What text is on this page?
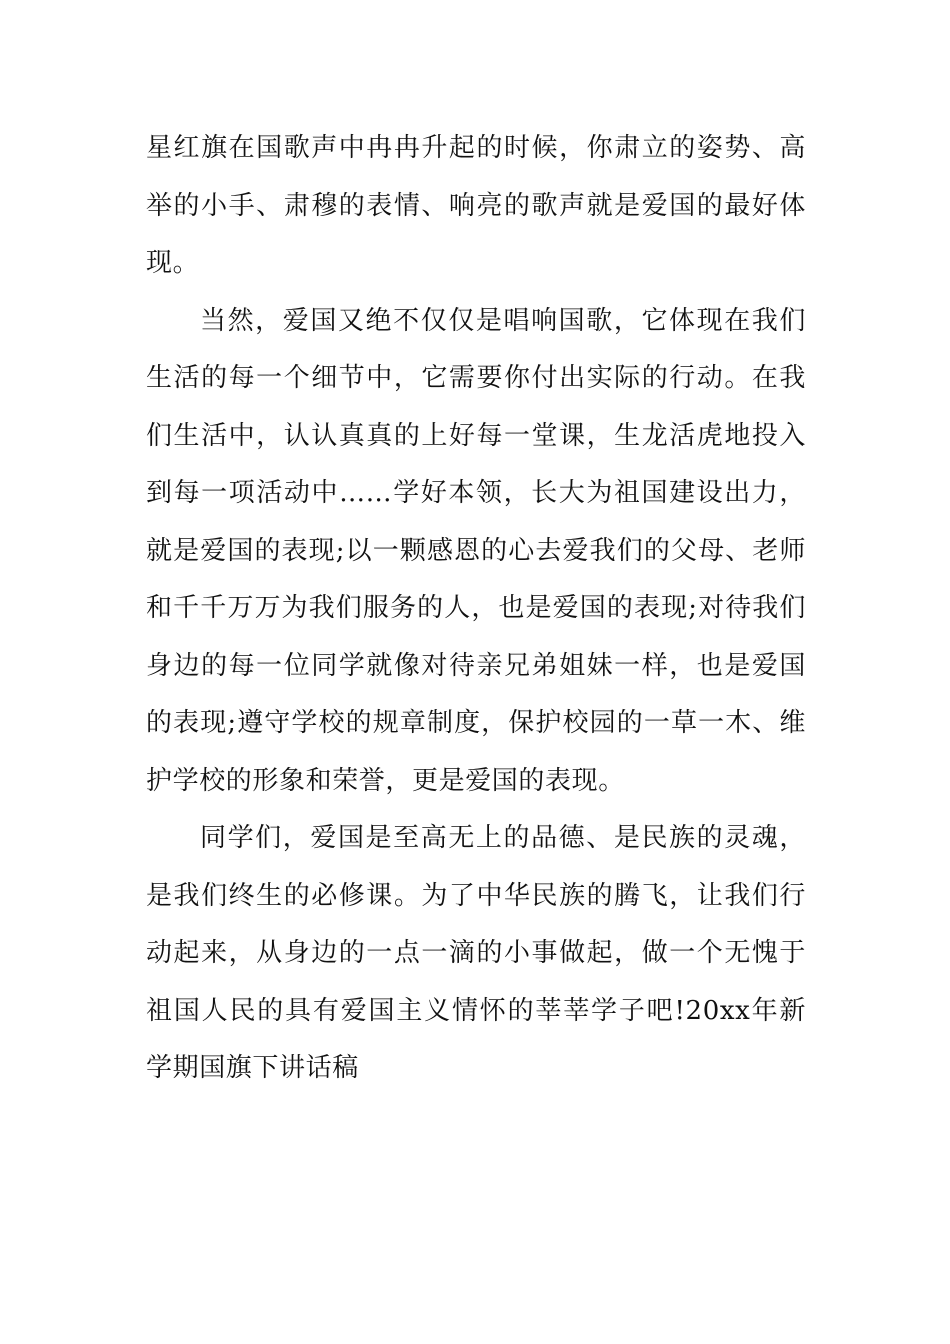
星红旗在国歌声中冉冉升起的时候，你肃立的姿势、高举的小手、肃穆的表情、响亮的歌声就是爱国的最好体现。

当然，爱国又绝不仅仅是唱响国歌，它体现在我们生活的每一个细节中，它需要你付出实际的行动。在我们生活中，认认真真的上好每一堂课，生龙活虎地投入到每一项活动中……学好本领，长大为祖国建设出力，就是爱国的表现;以一颗感恩的心去爱我们的父母、老师和千千万万为我们服务的人，也是爱国的表现;对待我们身边的每一位同学就像对待亲兄弟姐妹一样，也是爱国的表现;遵守学校的规章制度，保护校园的一草一木、维护学校的形象和荣誉，更是爱国的表现。

同学们，爱国是至高无上的品德、是民族的灵魂，是我们终生的必修课。为了中华民族的腾飞，让我们行动起来，从身边的一点一滴的小事做起，做一个无愧于祖国人民的具有爱国主义情怀的莘莘学子吧!20xx年新学期国旗下讲话稿
